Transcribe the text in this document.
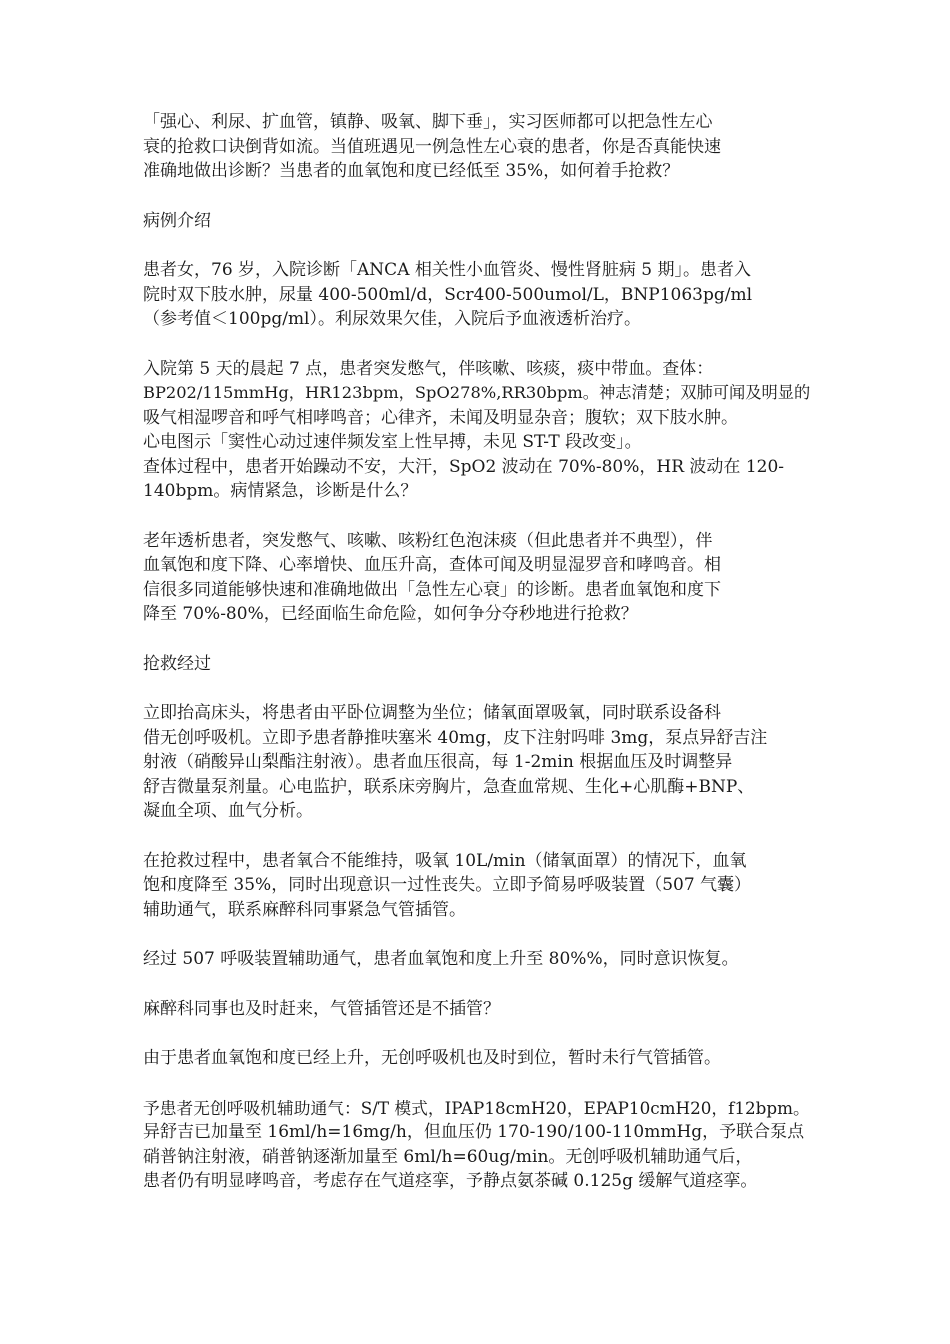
「强心、利尿、扩血管，镇静、吸氧、脚下垂」，实习医师都可以把急性左心
衰的抢救口诀倒背如流。当值班遇见一例急性左心衰的患者，你是否真能快速
准确地做出诊断？当患者的血氧饱和度已经低至 35%，如何着手抢救？
病例介绍
患者女，76 岁，入院诊断「ANCA 相关性小血管炎、慢性肾脏病 5 期」。患者入
院时双下肢水肿，尿量 400-500ml/d，Scr400-500umol/L，BNP1063pg/ml
（参考值＜100pg/ml）。利尿效果欠佳，入院后予血液透析治疗。
入院第 5 天的晨起 7 点，患者突发憋气，伴咳嗽、咳痰，痰中带血。查体：
BP202/115mmHg，HR123bpm，SpO278%,RR30bpm。神志清楚；双肺可闻及明显的
吸气相湿啰音和呼气相哮鸣音；心律齐，未闻及明显杂音；腹软；双下肢水肿。
心电图示「窦性心动过速伴频发室上性早搏，未见 ST-T 段改变」。
查体过程中，患者开始躁动不安，大汗，SpO2 波动在 70%-80%，HR 波动在 120-
140bpm。病情紧急，诊断是什么？
老年透析患者，突发憋气、咳嗽、咳粉红色泡沫痰（但此患者并不典型），伴
血氧饱和度下降、心率增快、血压升高，查体可闻及明显湿罗音和哮鸣音。相
信很多同道能够快速和准确地做出「急性左心衰」的诊断。患者血氧饱和度下
降至 70%-80%，已经面临生命危险，如何争分夺秒地进行抢救？
抢救经过
立即抬高床头，将患者由平卧位调整为坐位；储氧面罩吸氧，同时联系设备科
借无创呼吸机。立即予患者静推呋塞米 40mg，皮下注射吗啡 3mg，泵点异舒吉注
射液（硝酸异山梨酯注射液）。患者血压很高，每 1-2min 根据血压及时调整异
舒吉微量泵剂量。心电监护，联系床旁胸片，急查血常规、生化+心肌酶+BNP、
凝血全项、血气分析。
在抢救过程中，患者氧合不能维持，吸氧 10L/min（储氧面罩）的情况下，血氧
饱和度降至 35%，同时出现意识一过性丧失。立即予简易呼吸装置（507 气囊）
辅助通气，联系麻醉科同事紧急气管插管。
经过 507 呼吸装置辅助通气，患者血氧饱和度上升至 80%%，同时意识恢复。
麻醉科同事也及时赶来，气管插管还是不插管？
由于患者血氧饱和度已经上升，无创呼吸机也及时到位，暂时未行气管插管。
予患者无创呼吸机辅助通气：S/T 模式，IPAP18cmH20，EPAP10cmH20，f12bpm。
异舒吉已加量至 16ml/h=16mg/h，但血压仍 170-190/100-110mmHg，予联合泵点
硝普钠注射液，硝普钠逐渐加量至 6ml/h=60ug/min。无创呼吸机辅助通气后，
患者仍有明显哮鸣音，考虑存在气道痉挛，予静点氨茶碱 0.125g 缓解气道痉挛。
